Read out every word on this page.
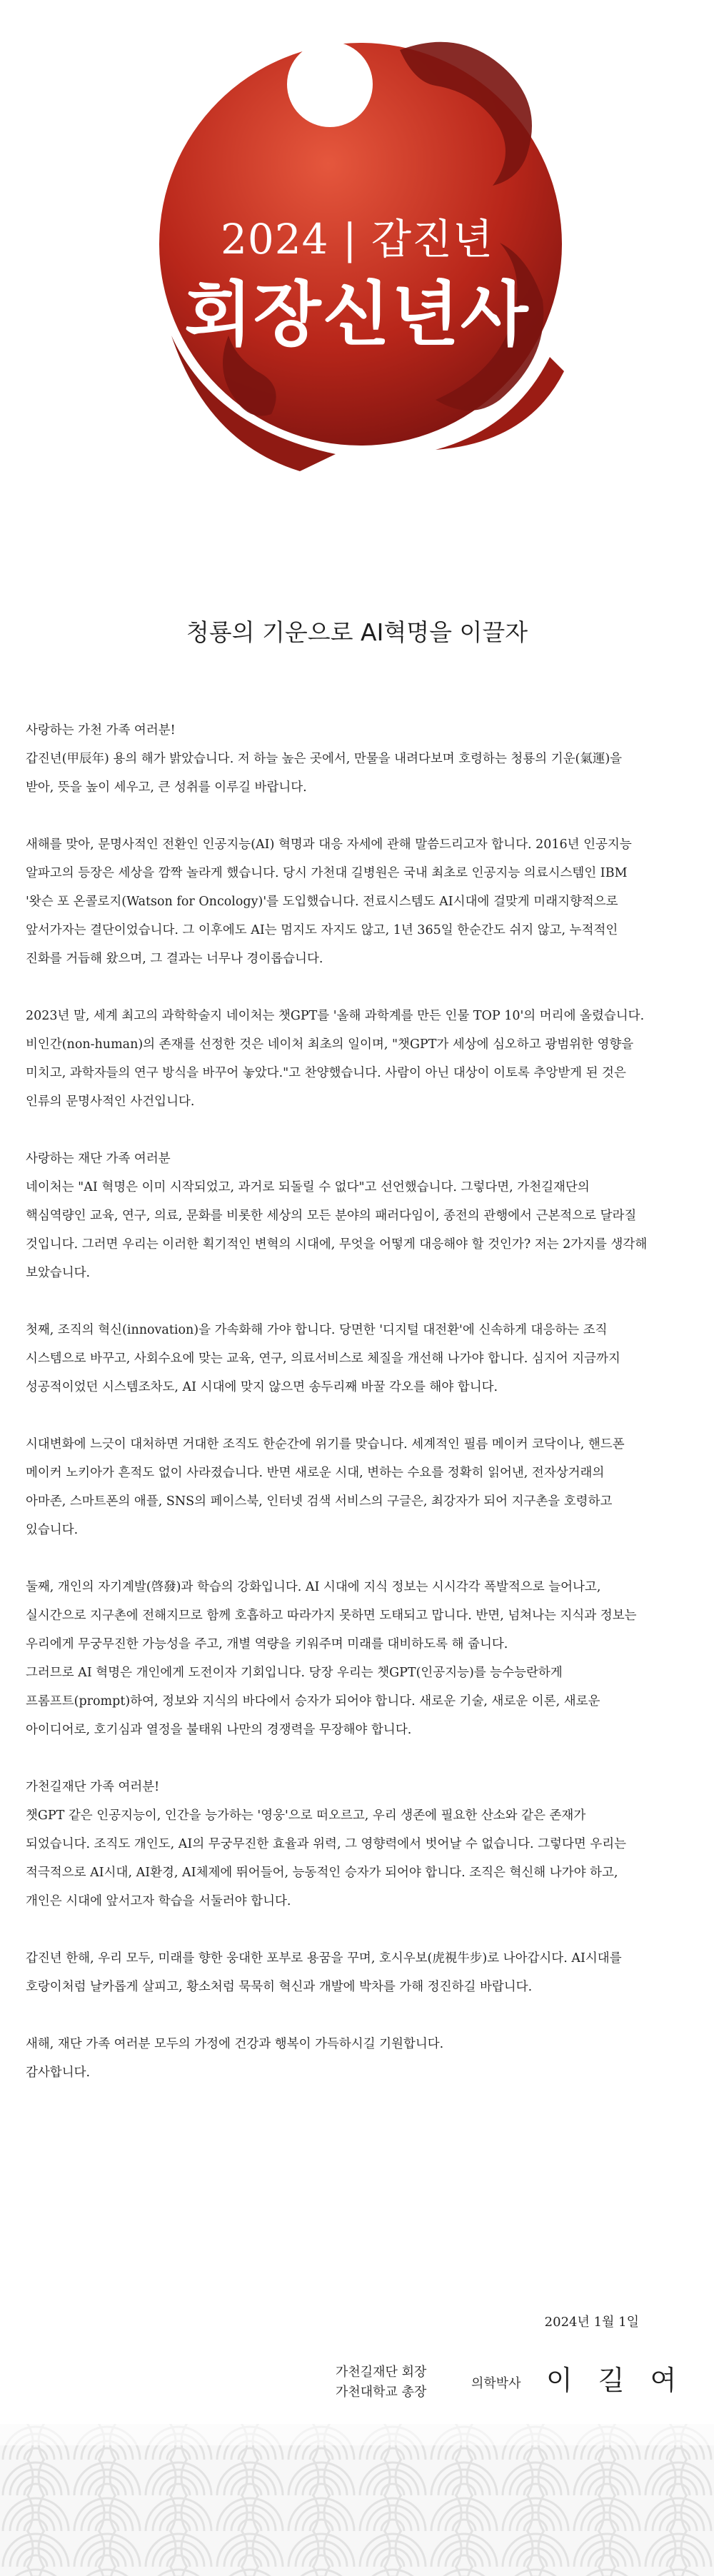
2024 | 갑진년
회장신년사
청룡의 기운으로 AI혁명을 이끌자

사랑하는 가천 가족 여러분!

갑진년(甲辰年) 용의 해가 밝았습니다. 저 하늘 높은 곳에서, 만물을 내려다보며 호령하는 청룡의 기운(氣運)을

받아, 뜻을 높이 세우고, 큰 성취를 이루길 바랍니다.

새해를 맞아, 문명사적인 전환인 인공지능(AI) 혁명과 대응 자세에 관해 말씀드리고자 합니다. 2016년 인공지능

알파고의 등장은 세상을 깜짝 놀라게 했습니다. 당시 가천대 길병원은 국내 최초로 인공지능 의료시스템인 IBM

'왓슨 포 온콜로지(Watson for Oncology)'를 도입했습니다. 전료시스템도 AI시대에 걸맞게 미래지향적으로

앞서가자는 결단이었습니다. 그 이후에도 AI는 멈지도 자지도 않고, 1년 365일 한순간도 쉬지 않고, 누적적인

진화를 거듭해 왔으며, 그 결과는 너무나 경이롭습니다.

2023년 말, 세계 최고의 과학학술지 네이처는 챗GPT를 '올해 과학계를 만든 인물 TOP 10'의 머리에 올렸습니다.

비인간(non-human)의 존재를 선정한 것은 네이처 최초의 일이며, "챗GPT가 세상에 심오하고 광범위한 영향을

미치고, 과학자들의 연구 방식을 바꾸어 놓았다."고 찬양했습니다. 사람이 아닌 대상이 이토록 추앙받게 된 것은

인류의 문명사적인 사건입니다.

사랑하는 재단 가족 여러분

네이처는 "AI 혁명은 이미 시작되었고, 과거로 되돌릴 수 없다"고 선언했습니다. 그렇다면, 가천길재단의

핵심역량인 교육, 연구, 의료, 문화를 비롯한 세상의 모든 분야의 패러다임이, 종전의 관행에서 근본적으로 달라질

것입니다. 그러면 우리는 이러한 획기적인 변혁의 시대에, 무엇을 어떻게 대응해야 할 것인가? 저는 2가지를 생각해

보았습니다.

첫째, 조직의 혁신(innovation)을 가속화해 가야 합니다. 당면한 '디지털 대전환'에 신속하게 대응하는 조직

시스템으로 바꾸고, 사회수요에 맞는 교육, 연구, 의료서비스로 체질을 개선해 나가야 합니다. 심지어 지금까지

성공적이었던 시스템조차도, AI 시대에 맞지 않으면 송두리째 바꿀 각오를 해야 합니다.

시대변화에 느긋이 대처하면 거대한 조직도 한순간에 위기를 맞습니다. 세계적인 필름 메이커 코닥이나, 핸드폰

메이커 노키아가 흔적도 없이 사라졌습니다. 반면 새로운 시대, 변하는 수요를 정확히 읽어낸, 전자상거래의

아마존, 스마트폰의 애플, SNS의 페이스북, 인터넷 검색 서비스의 구글은, 최강자가 되어 지구촌을 호령하고

있습니다.

둘째, 개인의 자기계발(啓發)과 학습의 강화입니다. AI 시대에 지식 정보는 시시각각 폭발적으로 늘어나고,

실시간으로 지구촌에 전해지므로 함께 호흡하고 따라가지 못하면 도태되고 맙니다. 반면, 넘쳐나는 지식과 정보는

우리에게 무궁무진한 가능성을 주고, 개별 역량을 키워주며 미래를 대비하도록 해 줍니다.

그러므로 AI 혁명은 개인에게 도전이자 기회입니다. 당장 우리는 챗GPT(인공지능)를 능수능란하게

프롬프트(prompt)하여, 정보와 지식의 바다에서 승자가 되어야 합니다. 새로운 기술, 새로운 이론, 새로운

아이디어로, 호기심과 열정을 불태워 나만의 경쟁력을 무장해야 합니다.

가천길재단 가족 여러분!

챗GPT 같은 인공지능이, 인간을 능가하는 '영웅'으로 떠오르고, 우리 생존에 필요한 산소와 같은 존재가

되었습니다. 조직도 개인도, AI의 무궁무진한 효율과 위력, 그 영향력에서 벗어날 수 없습니다. 그렇다면 우리는

적극적으로 AI시대, AI환경, AI체제에 뛰어들어, 능동적인 승자가 되어야 합니다. 조직은 혁신해 나가야 하고,

개인은 시대에 앞서고자 학습을 서둘러야 합니다.

갑진년 한해, 우리 모두, 미래를 향한 웅대한 포부로 용꿈을 꾸며, 호시우보(虎視牛步)로 나아갑시다. AI시대를

호랑이처럼 날카롭게 살피고, 황소처럼 묵묵히 혁신과 개발에 박차를 가해 정진하길 바랍니다.

새해, 재단 가족 여러분 모두의 가정에 건강과 행복이 가득하시길 기원합니다.

감사합니다.

2024년 1월 1일
가천길재단 회장
가천대학교 총장
의학박사 이 길 여
